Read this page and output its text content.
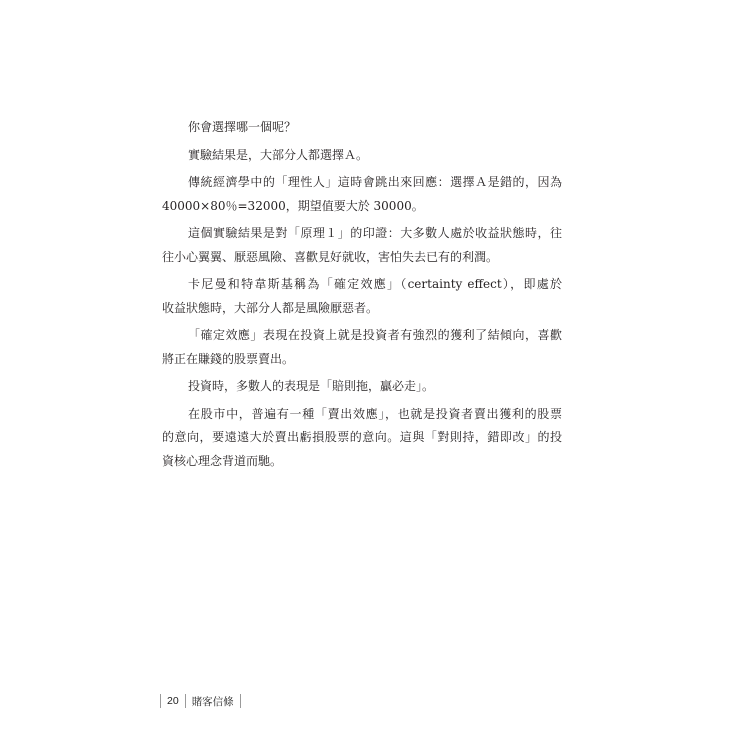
你會選擇哪一個呢？
實驗結果是，大部分人都選擇Ａ。
傳統經濟學中的「理性人」這時會跳出來回應：選擇Ａ是錯的，因為
40000×80％=32000，期望值要大於 30000。
這個實驗結果是對「原理１」的印證：大多數人處於收益狀態時，往
往小心翼翼、厭惡風險、喜歡見好就收，害怕失去已有的利潤。
卡尼曼和特韋斯基稱為「確定效應」（certainty effect），即處於
收益狀態時，大部分人都是風險厭惡者。
「確定效應」表現在投資上就是投資者有強烈的獲利了結傾向，喜歡
將正在賺錢的股票賣出。
投資時，多數人的表現是「賠則拖，贏必走」。
在股市中，普遍有一種「賣出效應」，也就是投資者賣出獲利的股票
的意向，要遠遠大於賣出虧損股票的意向。這與「對則持，錯即改」的投
資核心理念背道而馳。
20	賭客信條
